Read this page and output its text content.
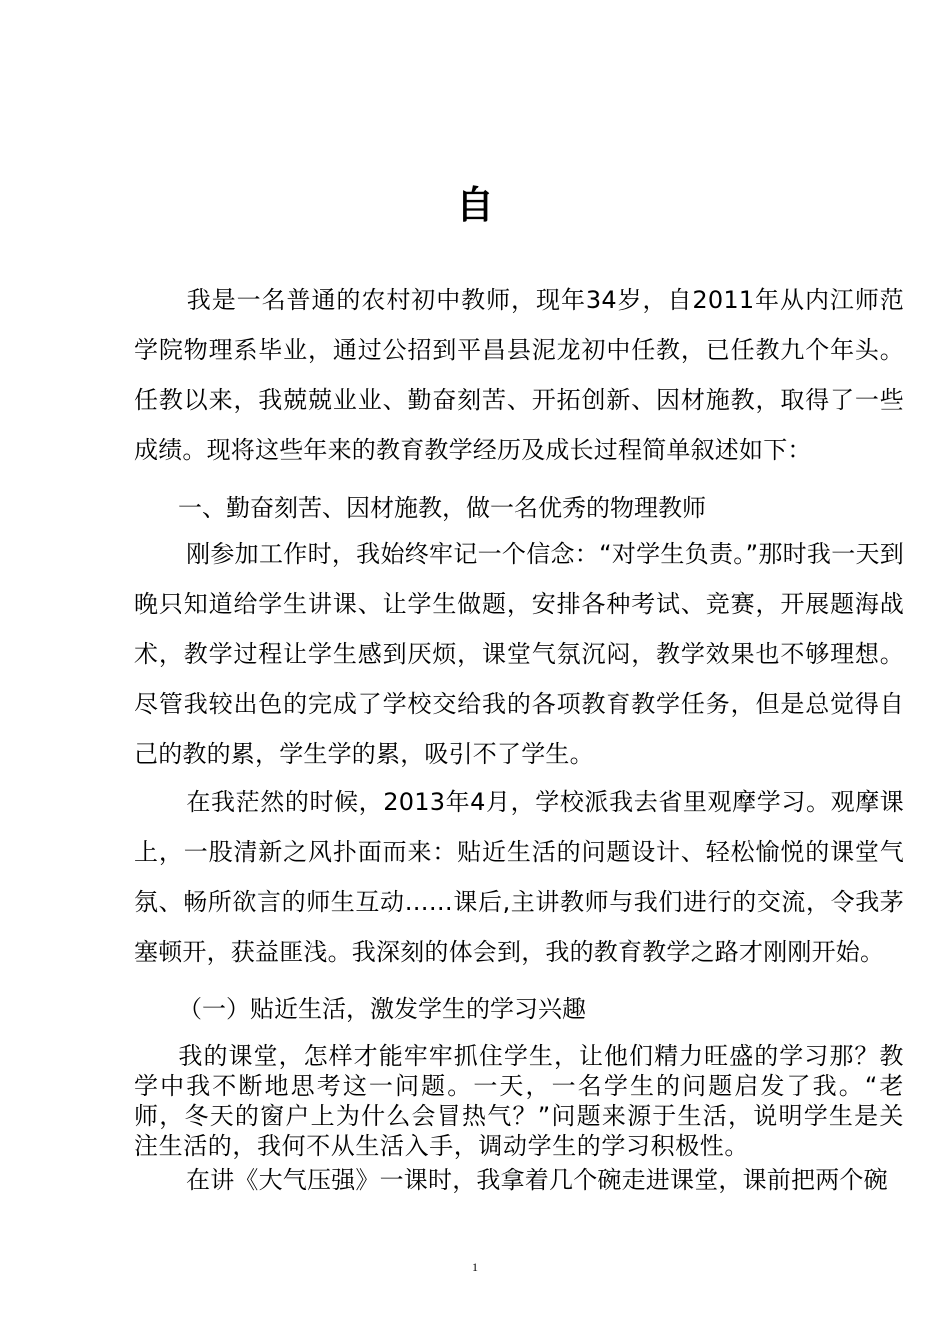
自
我是一名普通的农村初中教师，现年34岁，自2011年从内江师范学院物理系毕业，通过公招到平昌县泥龙初中任教，已任教九个年头。任教以来，我兢兢业业、勤奋刻苦、开拓创新、因材施教，取得了一些成绩。现将这些年来的教育教学经历及成长过程简单叙述如下：
一、勤奋刻苦、因材施教，做一名优秀的物理教师
刚参加工作时，我始终牢记一个信念：“对学生负责。”那时我一天到晚只知道给学生讲课、让学生做题，安排各种考试、竞赛，开展题海战术，教学过程让学生感到厌烦，课堂气氛沉闷，教学效果也不够理想。尽管我较出色的完成了学校交给我的各项教育教学任务，但是总觉得自己的教的累，学生学的累，吸引不了学生。
在我茫然的时候，2013年4月，学校派我去省里观摩学习。观摩课上，一股清新之风扑面而来：贴近生活的问题设计、轻松愉悦的课堂气氛、畅所欲言的师生互动……课后,主讲教师与我们进行的交流，令我茅塞顿开，获益匪浅。我深刻的体会到，我的教育教学之路才刚刚开始。
（一）贴近生活，激发学生的学习兴趣
我的课堂，怎样才能牢牢抓住学生，让他们精力旺盛的学习那？教学中我不断地思考这一问题。一天，一名学生的问题启发了我。“老师，冬天的窗户上为什么会冒热气？”问题来源于生活，说明学生是关注生活的，我何不从生活入手，调动学生的学习积极性。
在讲《大气压强》一课时，我拿着几个碗走进课堂，课前把两个碗
1
